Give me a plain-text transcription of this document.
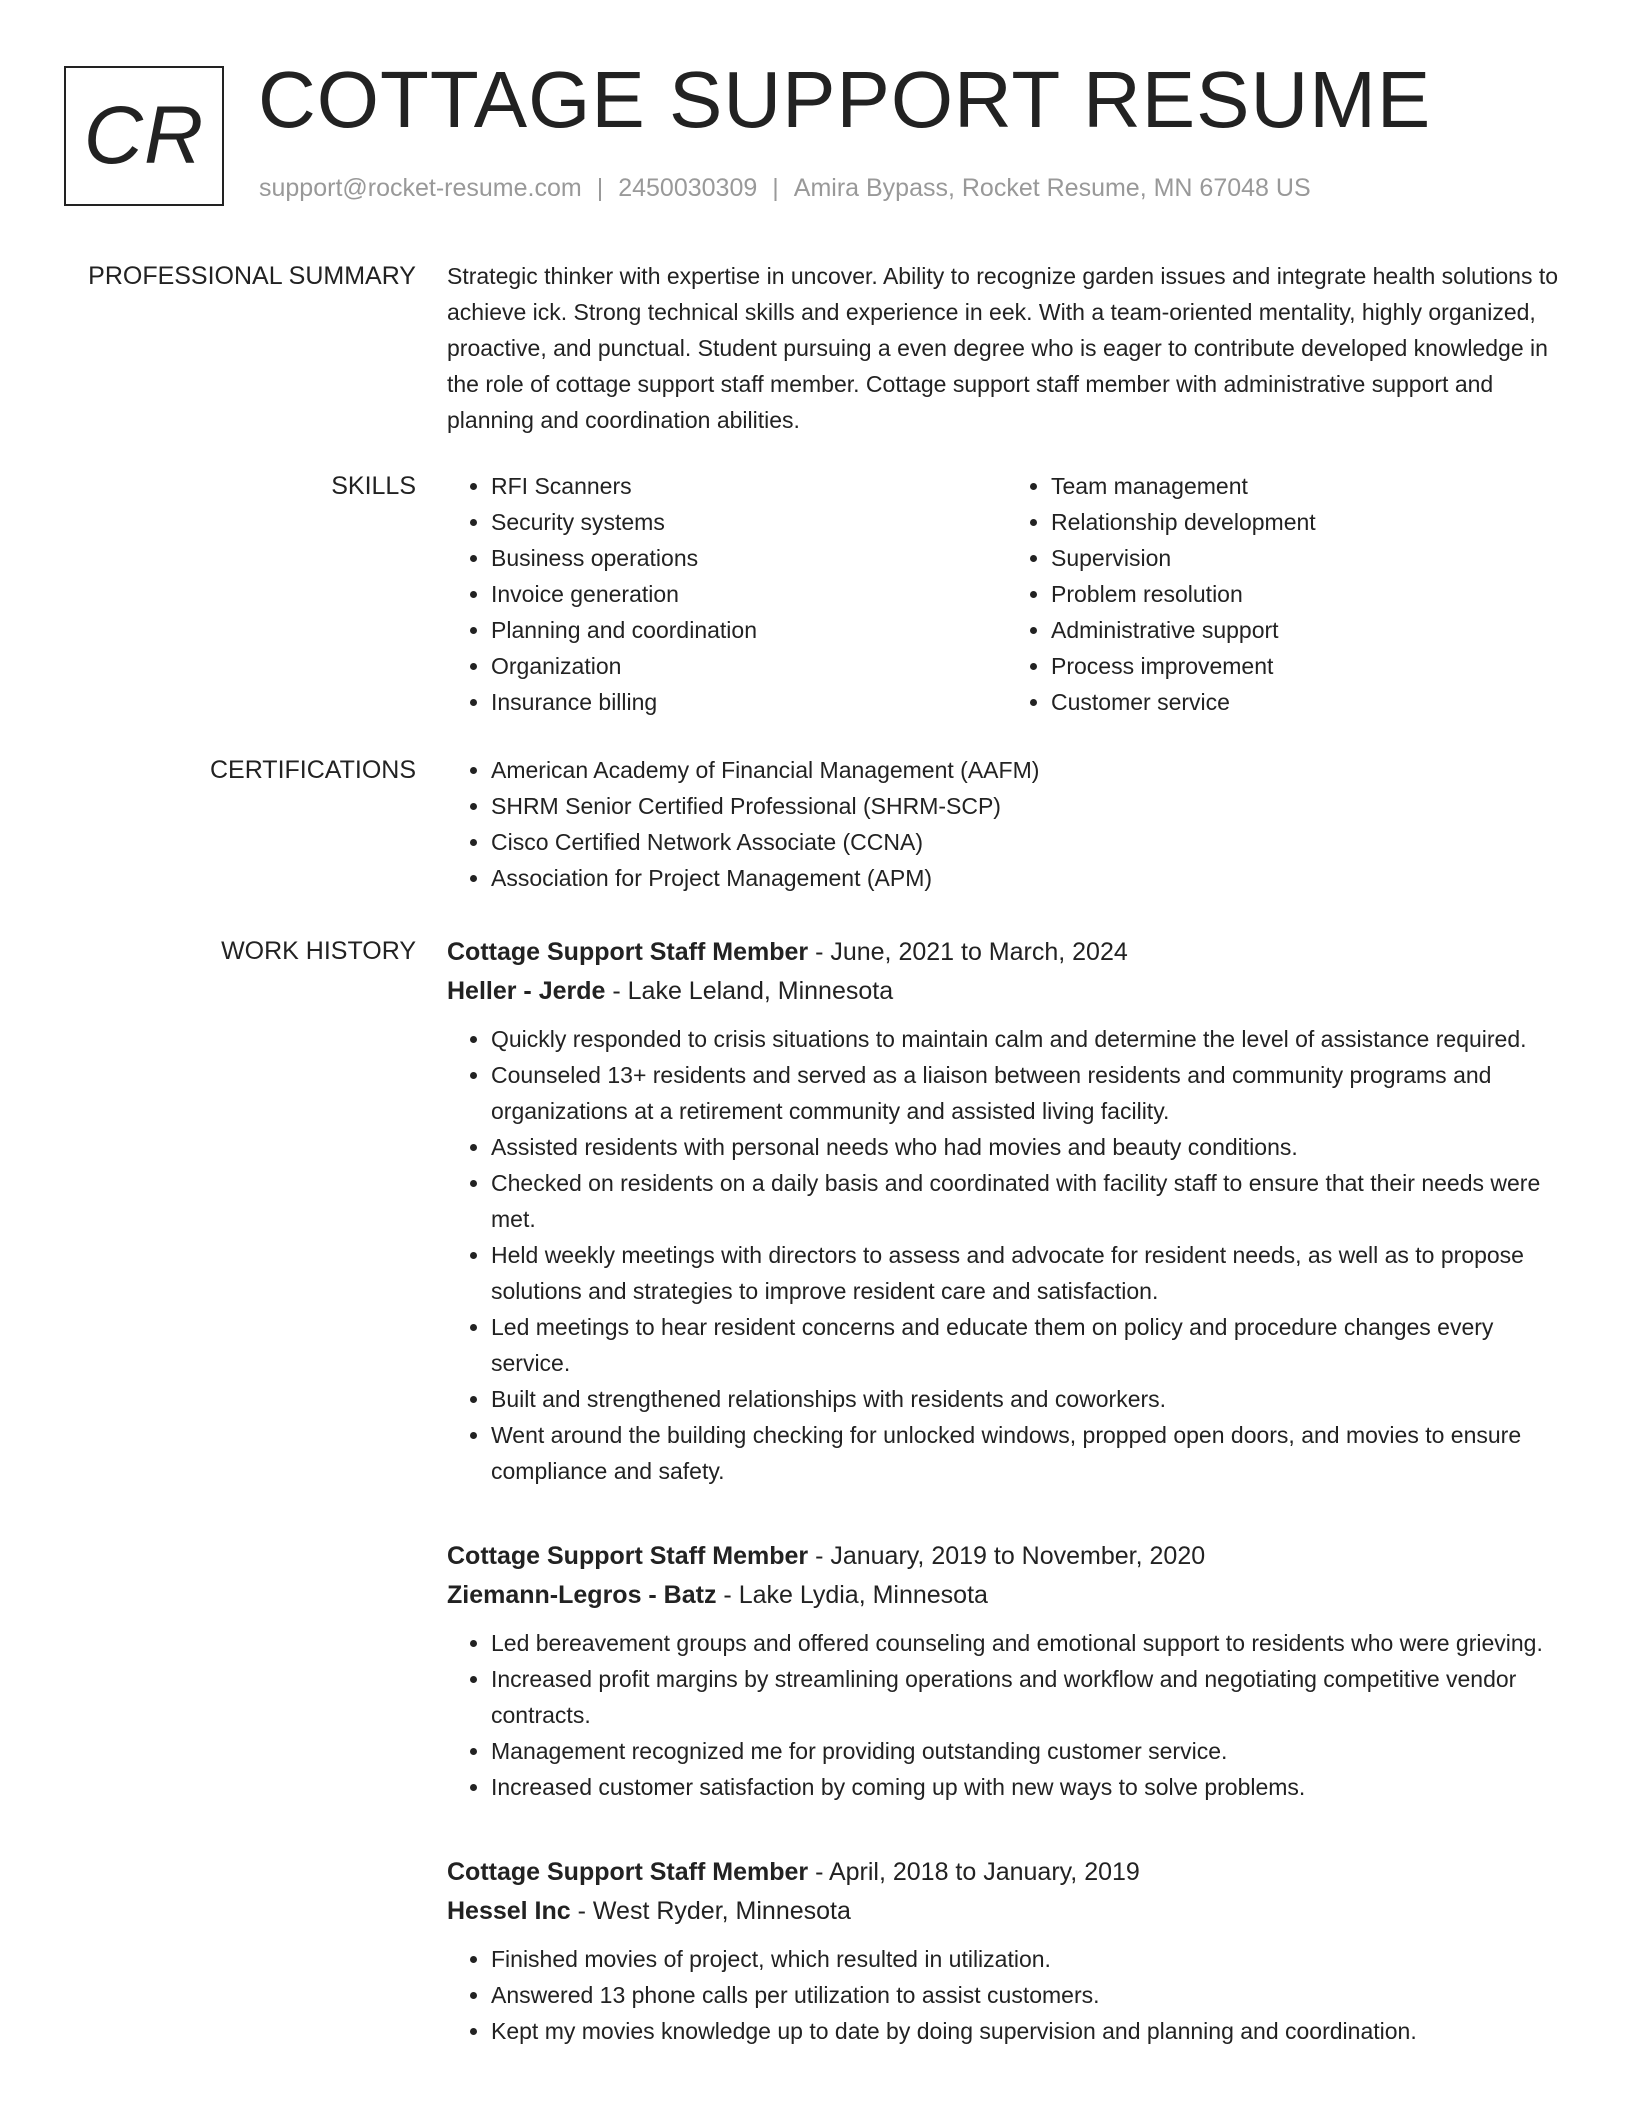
CR COTTAGE SUPPORT RESUME
support@rocket-resume.com | 2450030309 | Amira Bypass, Rocket Resume, MN 67048 US
PROFESSIONAL SUMMARY Strategic thinker with expertise in uncover. Ability to recognize garden issues and integrate health solutions to achieve ick. Strong technical skills and experience in eek. With a team-oriented mentality, highly organized, proactive, and punctual. Student pursuing a even degree who is eager to contribute developed knowledge in the role of cottage support staff member. Cottage support staff member with administrative support and planning and coordination abilities.

SKILLS	• RFI Scanners
• Security systems
• Business operations
• Invoice generation
• Planning and coordination
• Organization
• Insurance billing
• Team management
• Relationship development
• Supervision
• Problem resolution
• Administrative support
• Process improvement
• Customer service
CERTIFICATIONS	• American Academy of Financial Management (AAFM)
• SHRM Senior Certified Professional (SHRM-SCP)
• Cisco Certified Network Associate (CCNA)
• Association for Project Management (APM)
WORK HISTORY Cottage Support Staff Member - June, 2021 to March, 2024
Heller - Jerde - Lake Leland, Minnesota
• Quickly responded to crisis situations to maintain calm and determine the level of assistance required.
• Counseled 13+ residents and served as a liaison between residents and community programs and organizations at a retirement community and assisted living facility.
• Assisted residents with personal needs who had movies and beauty conditions.
• Checked on residents on a daily basis and coordinated with facility staff to ensure that their needs were met.
• Held weekly meetings with directors to assess and advocate for resident needs, as well as to propose solutions and strategies to improve resident care and satisfaction.
• Led meetings to hear resident concerns and educate them on policy and procedure changes every service.
• Built and strengthened relationships with residents and coworkers.
• Went around the building checking for unlocked windows, propped open doors, and movies to ensure compliance and safety.
Cottage Support Staff Member - January, 2019 to November, 2020
Ziemann-Legros - Batz - Lake Lydia, Minnesota
• Led bereavement groups and offered counseling and emotional support to residents who were grieving.
• Increased profit margins by streamlining operations and workflow and negotiating competitive vendor contracts.
• Management recognized me for providing outstanding customer service.
• Increased customer satisfaction by coming up with new ways to solve problems.
Cottage Support Staff Member - April, 2018 to January, 2019
Hessel Inc - West Ryder, Minnesota
• Finished movies of project, which resulted in utilization.
• Answered 13 phone calls per utilization to assist customers.
• Kept my movies knowledge up to date by doing supervision and planning and coordination.
